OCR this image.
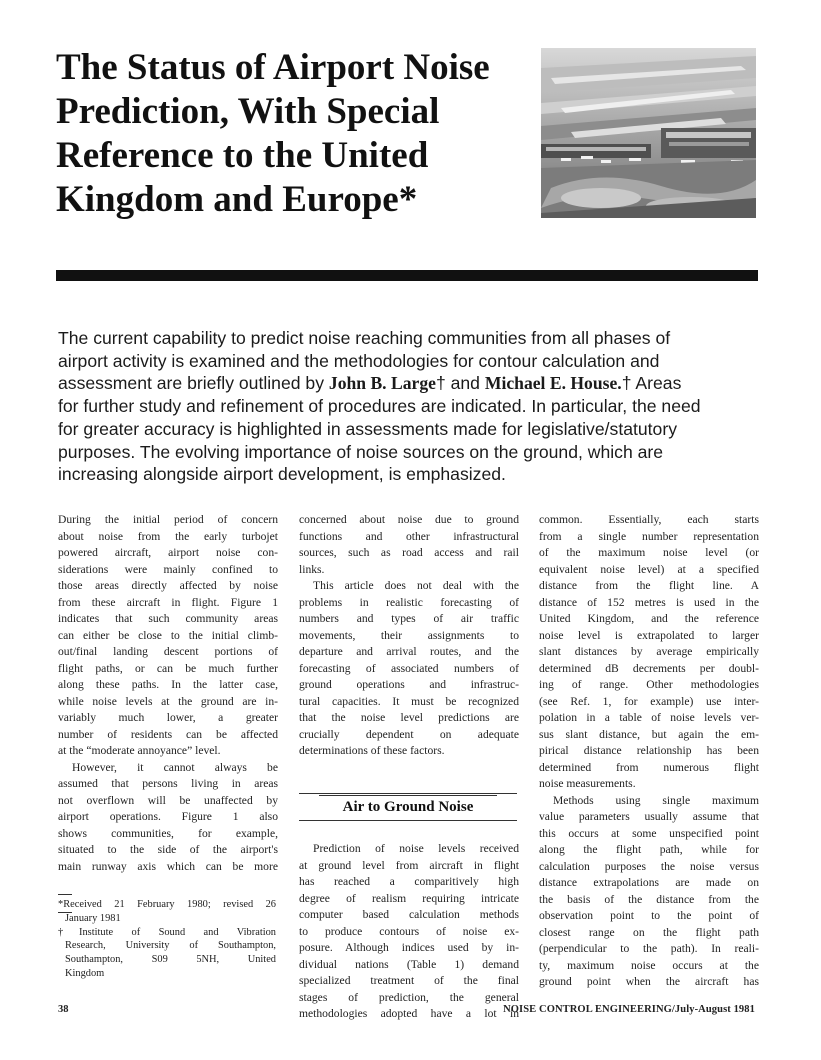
The Status of Airport Noise
Prediction, With Special
Reference to the United
Kingdom and Europe*
The current capability to predict noise reaching communities from all phases of
airport activity is examined and the methodologies for contour calculation and
assessment are briefly outlined by John B. Large† and Michael E. House.† Areas
for further study and refinement of procedures are indicated. In particular, the need
for greater accuracy is highlighted in assessments made for legislative/statutory
purposes. The evolving importance of noise sources on the ground, which are
increasing alongside airport development, is emphasized.
During the initial period of concern
about noise from the early turbojet
powered aircraft, airport noise con-
siderations were mainly confined to
those areas directly affected by noise
from these aircraft in flight. Figure 1
indicates that such community areas
can either be close to the initial climb-
out/final landing descent portions of
flight paths, or can be much further
along these paths. In the latter case,
while noise levels at the ground are in-
variably much lower, a greater
number of residents can be affected
at the “moderate annoyance” level.
However, it cannot always be
assumed that persons living in areas
not overflown will be unaffected by
airport operations. Figure 1 also
shows communities, for example,
situated to the side of the airport's
main runway axis which can be more
*Received 21 February 1980; revised 26
January 1981
†Institute of Sound and Vibration
Research, University of Southampton,
Southampton, S09 5NH, United
Kingdom
concerned about noise due to ground
functions and other infrastructural
sources, such as road access and rail
links.
This article does not deal with the
problems in realistic forecasting of
numbers and types of air traffic
movements, their assignments to
departure and arrival routes, and the
forecasting of associated numbers of
ground operations and infrastruc-
tural capacities. It must be recognized
that the noise level predictions are
crucially dependent on adequate
determinations of these factors.
Air to Ground Noise
Prediction of noise levels received
at ground level from aircraft in flight
has reached a comparitively high
degree of realism requiring intricate
computer based calculation methods
to produce contours of noise ex-
posure. Although indices used by in-
dividual nations (Table 1) demand
specialized treatment of the final
stages of prediction, the general
methodologies adopted have a lot in
common. Essentially, each starts
from a single number representation
of the maximum noise level (or
equivalent noise level) at a specified
distance from the flight line. A
distance of 152 metres is used in the
United Kingdom, and the reference
noise level is extrapolated to larger
slant distances by average empirically
determined dB decrements per doubl-
ing of range. Other methodologies
(see Ref. 1, for example) use inter-
polation in a table of noise levels ver-
sus slant distance, but again the em-
pirical distance relationship has been
determined from numerous flight
noise measurements.
Methods using single maximum
value parameters usually assume that
this occurs at some unspecified point
along the flight path, while for
calculation purposes the noise versus
distance extrapolations are made on
the basis of the distance from the
observation point to the point of
closest range on the flight path
(perpendicular to the path). In reali-
ty, maximum noise occurs at the
ground point when the aircraft has
38	NOISE CONTROL ENGINEERING/July-August 1981
